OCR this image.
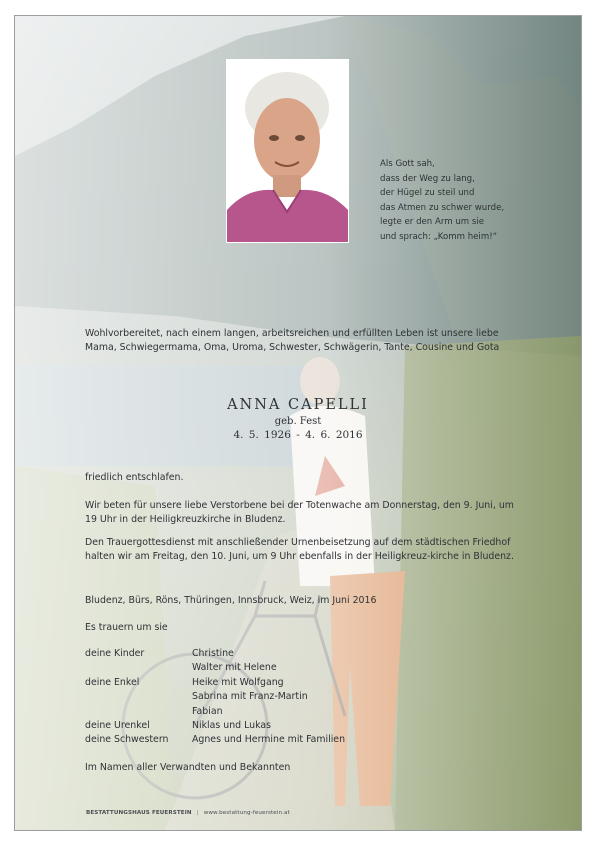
Als Gott sah,
dass der Weg zu lang,
der Hügel zu steil und
das Atmen zu schwer wurde,
legte er den Arm um sie
und sprach: „Komm heim!“
Wohlvorbereitet, nach einem langen, arbeitsreichen und erfüllten Leben ist unsere liebe Mama, Schwiegermama, Oma, Uroma, Schwester, Schwägerin, Tante, Cousine und Gota
ANNA CAPELLI
geb. Fest
4. 5. 1926 - 4. 6. 2016
friedlich entschlafen.
Wir beten für unsere liebe Verstorbene bei der Totenwache am Donnerstag, den 9. Juni, um 19 Uhr in der Heiligkreuzkirche in Bludenz.
Den Trauergottesdienst mit anschließender Urnenbeisetzung auf dem städtischen Friedhof halten wir am Freitag, den 10. Juni, um 9 Uhr ebenfalls in der Heiligkreuz-kirche in Bludenz.
Bludenz, Bürs, Röns, Thüringen, Innsbruck, Weiz, im Juni 2016
Es trauern um sie
deine Kinder	Christine
Walter mit Helene
deine Enkel	Heike mit Wolfgang
Sabrina mit Franz-Martin
Fabian
deine Urenkel	Niklas und Lukas
deine Schwestern	Agnes und Hermine mit Familien
Im Namen aller Verwandten und Bekannten
BESTATTUNGSHAUS FEUERSTEIN | www.bestattung-feuerstein.at
